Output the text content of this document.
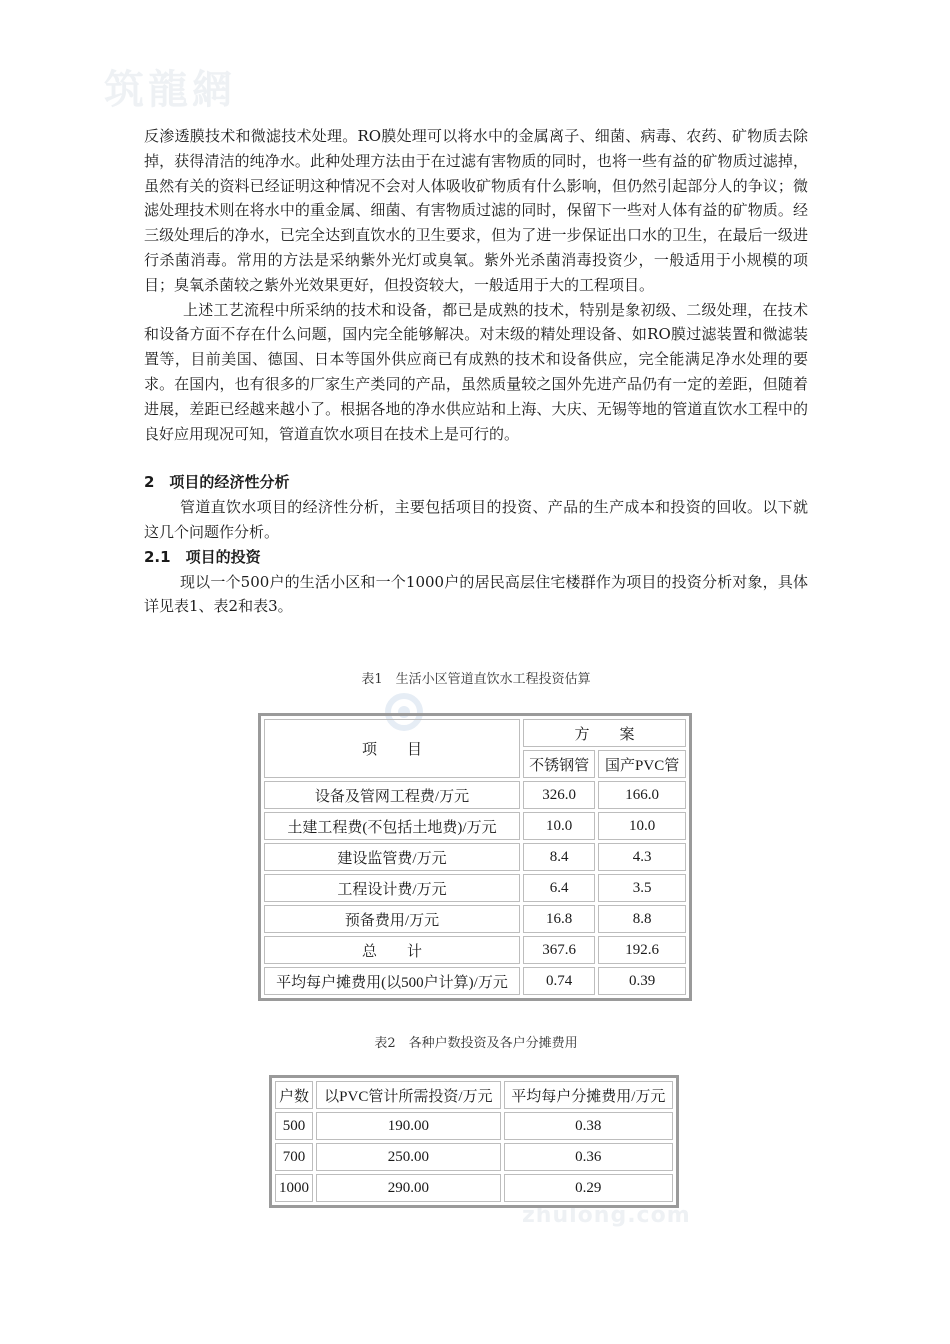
筑龍網
zhulong.com

反渗透膜技术和微滤技术处理。RO膜处理可以将水中的金属离子、细菌、病毒、农药、矿物质去除掉，获得清洁的纯净水。此种处理方法由于在过滤有害物质的同时，也将一些有益的矿物质过滤掉，虽然有关的资料已经证明这种情况不会对人体吸收矿物质有什么影响，但仍然引起部分人的争议；微滤处理技术则在将水中的重金属、细菌、有害物质过滤的同时，保留下一些对人体有益的矿物质。经三级处理后的净水，已完全达到直饮水的卫生要求，但为了进一步保证出口水的卫生，在最后一级进行杀菌消毒。常用的方法是采纳紫外光灯或臭氧。紫外光杀菌消毒投资少，一般适用于小规模的项目；臭氧杀菌较之紫外光效果更好，但投资较大，一般适用于大的工程项目。

上述工艺流程中所采纳的技术和设备，都已是成熟的技术，特别是象初级、二级处理，在技术和设备方面不存在什么问题，国内完全能够解决。对末级的精处理设备、如RO膜过滤装置和微滤装置等，目前美国、德国、日本等国外供应商已有成熟的技术和设备供应，完全能满足净水处理的要求。在国内，也有很多的厂家生产类同的产品，虽然质量较之国外先进产品仍有一定的差距，但随着进展，差距已经越来越小了。根据各地的净水供应站和上海、大庆、无锡等地的管道直饮水工程中的良好应用现况可知，管道直饮水项目在技术上是可行的。

2　项目的经济性分析

管道直饮水项目的经济性分析，主要包括项目的投资、产品的生产成本和投资的回收。以下就这几个问题作分析。

2.1　项目的投资

现以一个500户的生活小区和一个1000户的居民高层住宅楼群作为项目的投资分析对象，具体详见表1、表2和表3。

表1　生活小区管道直饮水工程投资估算
项　　目	方　　案	
	不锈钢管	国产PVC管
设备及管网工程费/万元	326.0	166.0
土建工程费(不包括土地费)/万元	10.0	10.0
建设监管费/万元	8.4	4.3
工程设计费/万元	6.4	3.5
预备费用/万元	16.8	8.8
总　　计	367.6	192.6
平均每户摊费用(以500户计算)/万元	0.74	0.39
表2　各种户数投资及各户分摊费用
户数	以PVC管计所需投资/万元	平均每户分摊费用/万元
500	190.00	0.38
700	250.00	0.36
1000	290.00	0.29
